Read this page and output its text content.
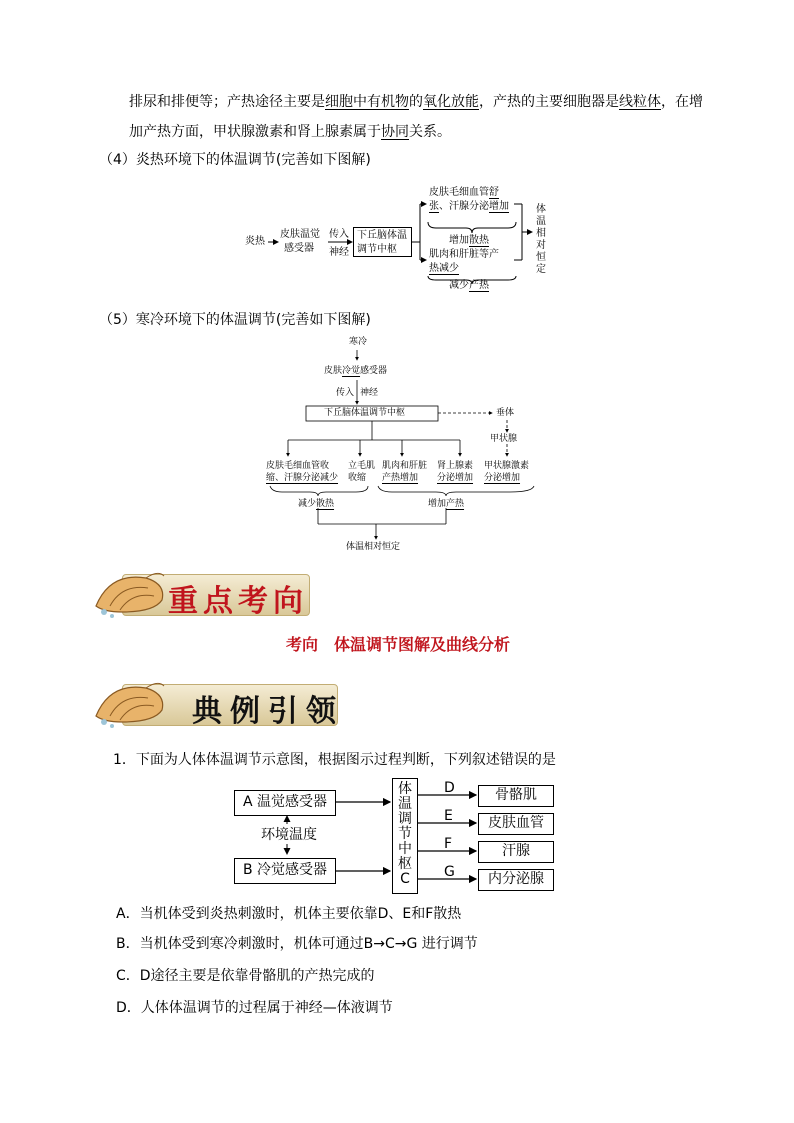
排尿和排便等；产热途径主要是细胞中有机物的氧化放能，产热的主要细胞器是线粒体，在增
加产热方面，甲状腺激素和肾上腺素属于协同关系。
（4）炎热环境下的体温调节(完善如下图解)
炎热
皮肤温觉
感受器
传入
神经
下丘脑体温
调节中枢
皮肤毛细血管舒
张、汗腺分泌增加
增加散热
肌肉和肝脏等产
热减少
减少产热
体
温
相
对
恒
定
（5）寒冷环境下的体温调节(完善如下图解)
寒冷
皮肤冷觉感受器
传入 神经
下丘脑体温调节中枢	垂体
甲状腺
皮肤毛细血管收
缩、汗腺分泌减少
立毛肌
收缩
肌肉和肝脏
产热增加
肾上腺素
分泌增加
甲状腺激素
分泌增加
减少散热	增加产热
体温相对恒定
重点考向
考向　体温调节图解及曲线分析
典例引领
1．下面为人体体温调节示意图，根据图示过程判断，下列叙述错误的是
A 温觉感受器
环境温度
B 冷觉感受器
体
温
调
节
中
枢
C
D
E
F
G
骨骼肌
皮肤血管
汗腺
内分泌腺
A．当机体受到炎热刺激时，机体主要依靠D、E和F散热
B．当机体受到寒冷刺激时，机体可通过B→C→G 进行调节
C．D途径主要是依靠骨骼肌的产热完成的
D．人体体温调节的过程属于神经—体液调节
